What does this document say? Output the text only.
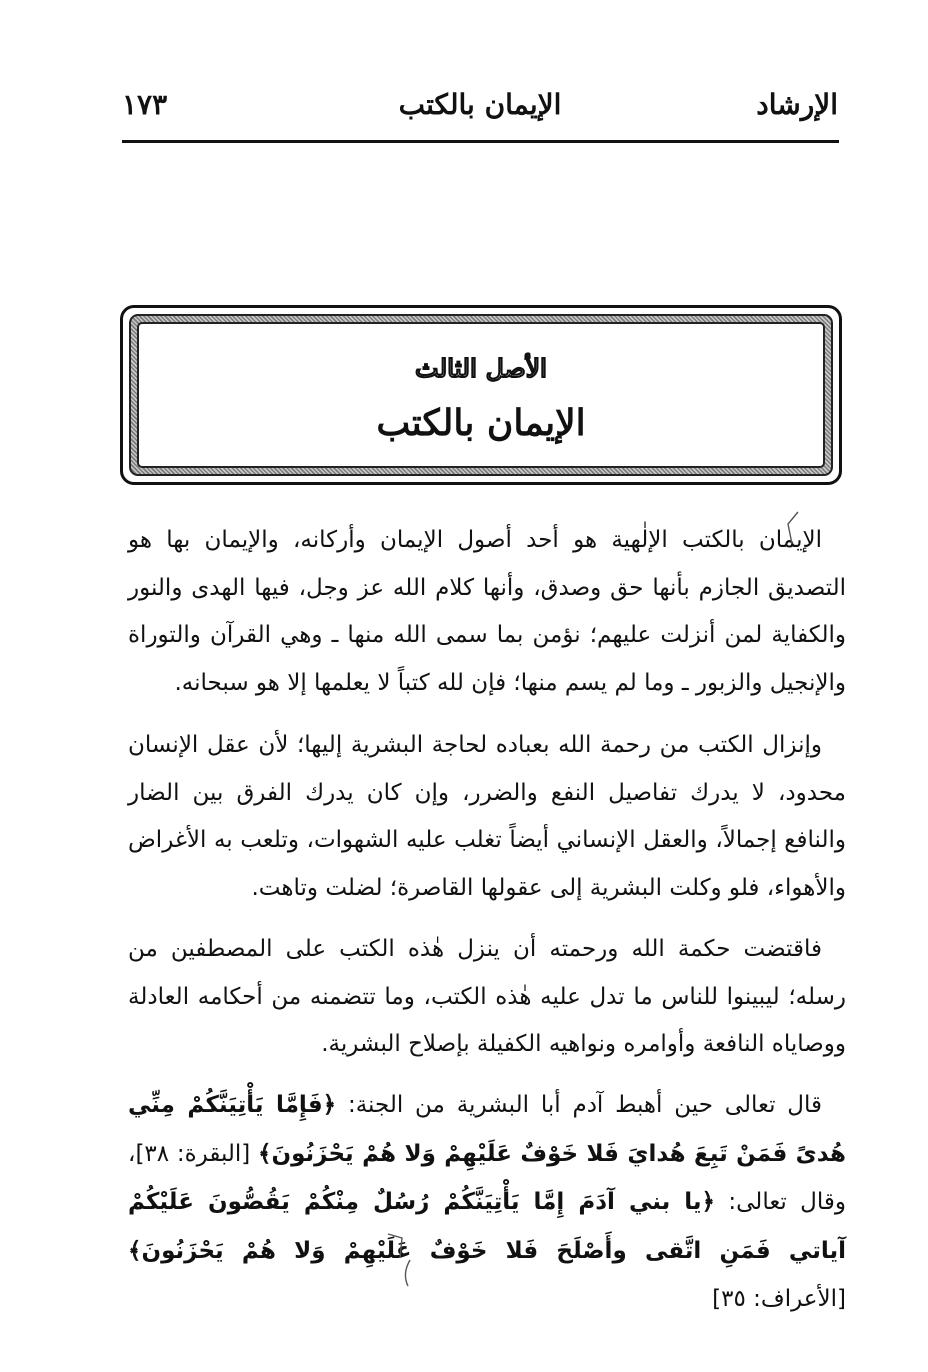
الإرشاد
الإيمان بالكتب
١٧٣
الأصل الثالث
الإيمان بالكتب

الإيمان بالكتب الإلٰهية هو أحد أصول الإيمان وأركانه، والإيمان بها هو التصديق الجازم بأنها حق وصدق، وأنها كلام الله عز وجل، فيها الهدى والنور والكفاية لمن أنزلت عليهم؛ نؤمن بما سمى الله منها ـ وهي القرآن والتوراة والإنجيل والزبور ـ وما لم يسم منها؛ فإن لله كتباً لا يعلمها إلا هو سبحانه.

وإنزال الكتب من رحمة الله بعباده لحاجة البشرية إليها؛ لأن عقل الإنسان محدود، لا يدرك تفاصيل النفع والضرر، وإن كان يدرك الفرق بين الضار والنافع إجمالاً، والعقل الإنساني أيضاً تغلب عليه الشهوات، وتلعب به الأغراض والأهواء، فلو وكلت البشرية إلى عقولها القاصرة؛ لضلت وتاهت.

فاقتضت حكمة الله ورحمته أن ينزل هٰذه الكتب على المصطفين من رسله؛ ليبينوا للناس ما تدل عليه هٰذه الكتب، وما تتضمنه من أحكامه العادلة ووصاياه النافعة وأوامره ونواهيه الكفيلة بإصلاح البشرية.

قال تعالى حين أهبط آدم أبا البشرية من الجنة: ﴿فَإِمَّا يَأْتِيَنَّكُمْ مِنِّي هُدىً فَمَنْ تَبِعَ هُدايَ فَلا خَوْفٌ عَلَيْهِمْ وَلا هُمْ يَحْزَنُونَ﴾ [البقرة: ٣٨]، وقال تعالى: ﴿يا بني آدَمَ إِمَّا يَأْتِيَنَّكُمْ رُسُلٌ مِنْكُمْ يَقُصُّونَ عَلَيْكُمْ آياتي فَمَنِ اتَّقى وأَصْلَحَ فَلا خَوْفٌ عَلَيْهِمْ وَلا هُمْ يَحْزَنُونَ﴾ [الأعراف: ٣٥]
